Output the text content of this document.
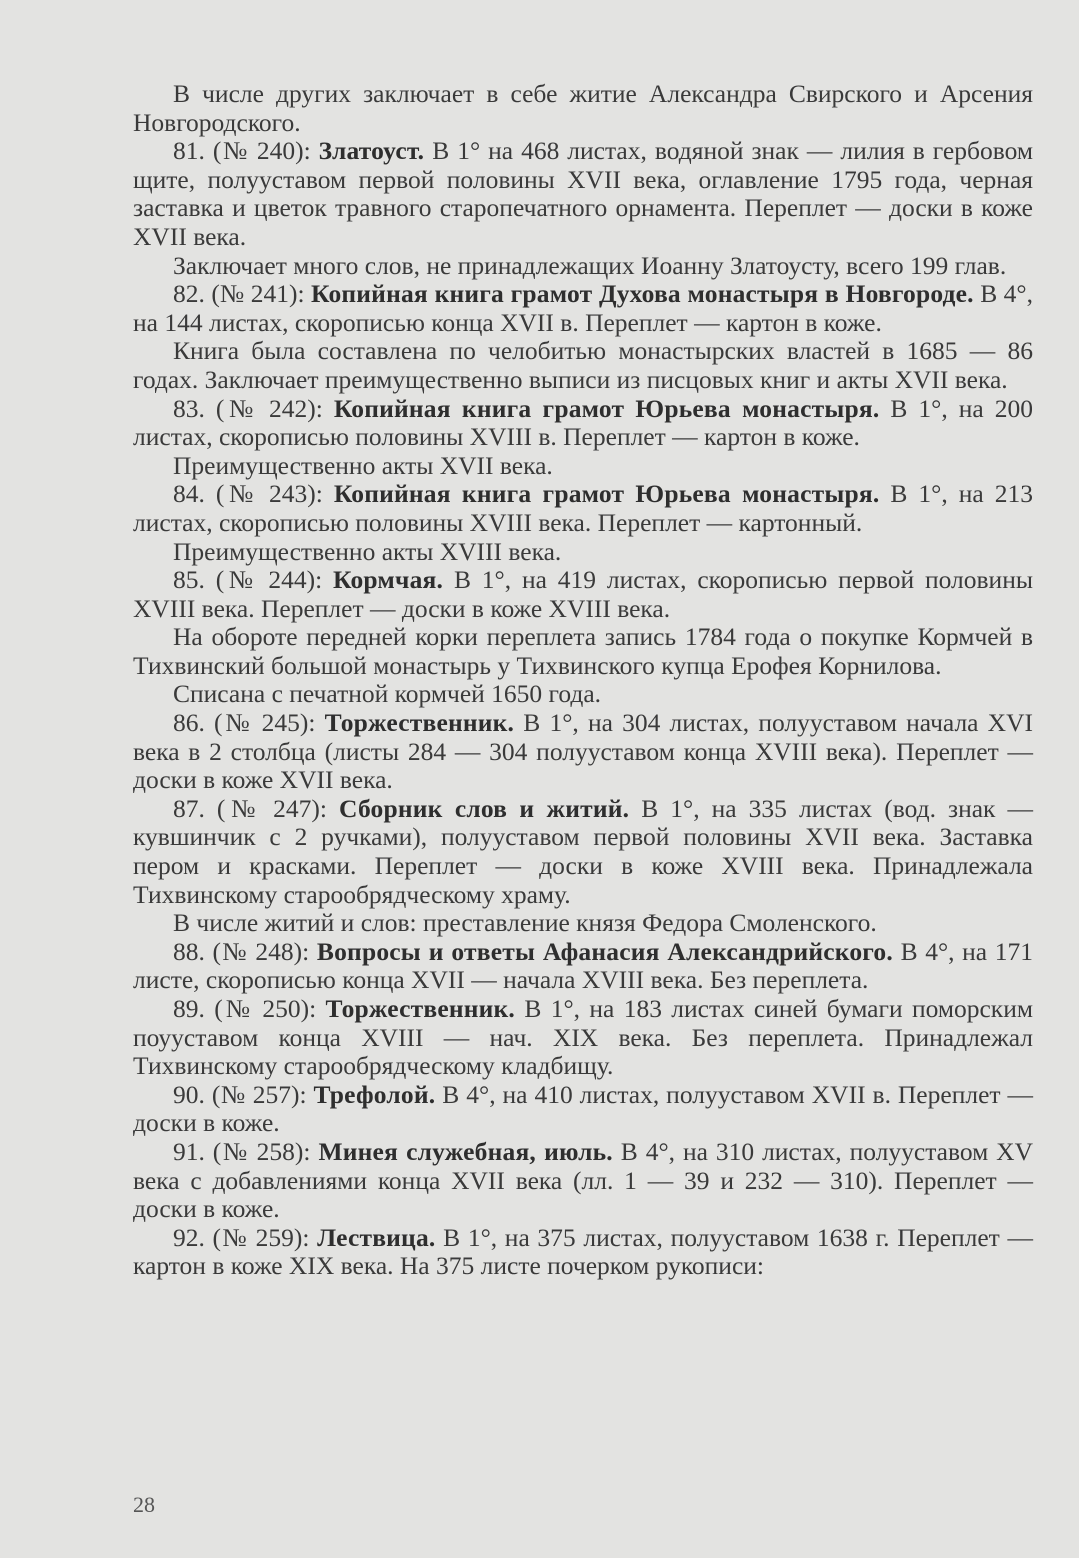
В числе других заключает в себе житие Александра Свирского и Арсения Новгородского.

81. (№ 240): Златоуст. В 1° на 468 листах, водяной знак — лилия в гербовом щите, полууставом первой половины XVII века, оглавление 1795 года, черная заставка и цветок травного старопечатного орнамента. Переплет — доски в коже XVII века.

Заключает много слов, не принадлежащих Иоанну Златоусту, всего 199 глав.

82. (№ 241): Копийная книга грамот Духова монастыря в Новгороде. В 4°, на 144 листах, скорописью конца XVII в. Переплет — картон в коже.

Книга была составлена по челобитью монастырских властей в 1685 — 86 годах. Заключает преимущественно выписи из писцовых книг и акты XVII века.

83. (№ 242): Копийная книга грамот Юрьева монастыря. В 1°, на 200 листах, скорописью половины XVIII в. Переплет — картон в коже.

Преимущественно акты XVII века.

84. (№ 243): Копийная книга грамот Юрьева монастыря. В 1°, на 213 листах, скорописью половины XVIII века. Переплет — картонный.

Преимущественно акты XVIII века.

85. (№ 244): Кормчая. В 1°, на 419 листах, скорописью первой половины XVIII века. Переплет — доски в коже XVIII века.

На обороте передней корки переплета запись 1784 года о покупке Кормчей в Тихвинский большой монастырь у Тихвинского купца Ерофея Корнилова.

Списана с печатной кормчей 1650 года.

86. (№ 245): Торжественник. В 1°, на 304 листах, полууставом начала XVI века в 2 столбца (листы 284 — 304 полууставом конца XVIII века). Переплет — доски в коже XVII века.

87. (№ 247): Сборник слов и житий. В 1°, на 335 листах (вод. знак — кувшинчик с 2 ручками), полууставом первой половины XVII века. Заставка пером и красками. Переплет — доски в коже XVIII века. Принадлежала Тихвинскому старообрядческому храму.

В числе житий и слов: преставление князя Федора Смоленского.

88. (№ 248): Вопросы и ответы Афанасия Александрийского. В 4°, на 171 листе, скорописью конца XVII — начала XVIII века. Без переплета.

89. (№ 250): Торжественник. В 1°, на 183 листах синей бумаги поморским поууставом конца XVIII — нач. XIX века. Без переплета. Принадлежал Тихвинскому старообрядческому кладбищу.

90. (№ 257): Трефолой. В 4°, на 410 листах, полууставом XVII в. Переплет — доски в коже.

91. (№ 258): Минея служебная, июль. В 4°, на 310 листах, полууставом XV века с добавлениями конца XVII века (лл. 1 — 39 и 232 — 310). Переплет — доски в коже.

92. (№ 259): Лествица. В 1°, на 375 листах, полууставом 1638 г. Переплет — картон в коже XIX века. На 375 листе почерком рукописи:

28
